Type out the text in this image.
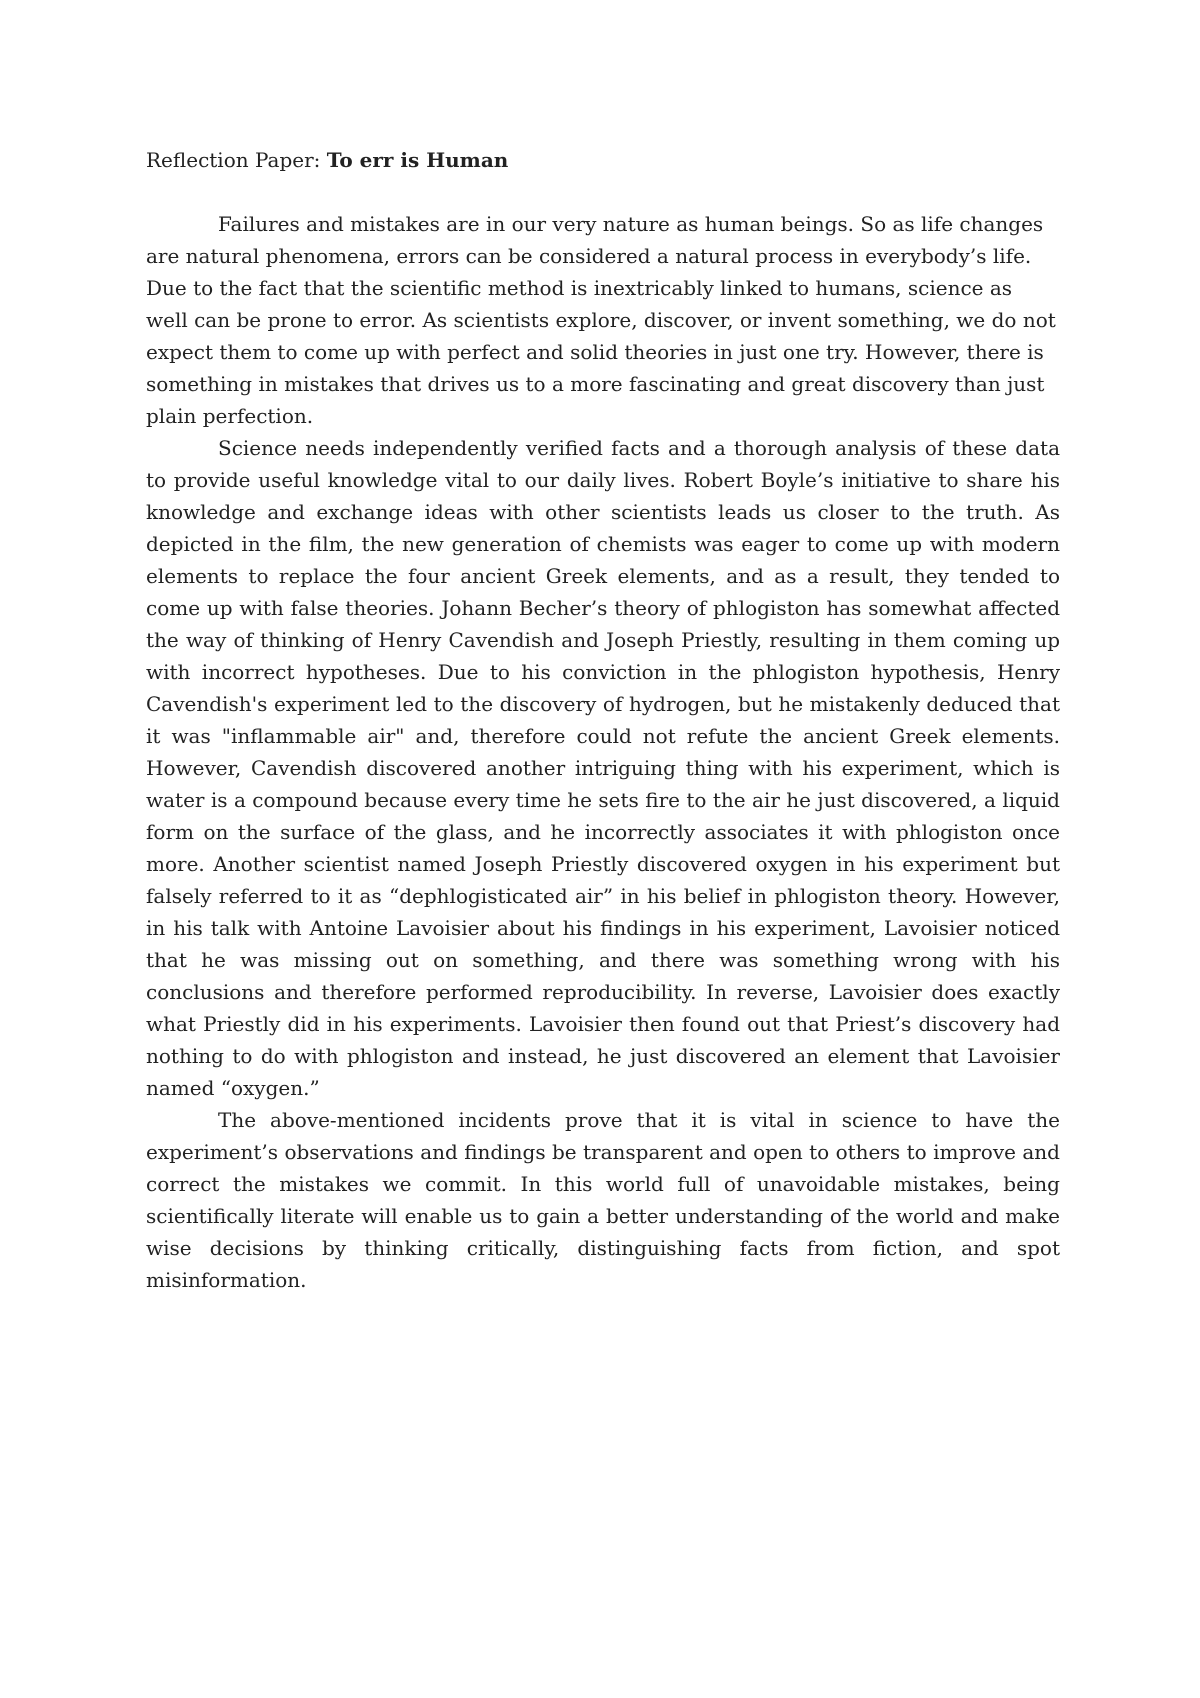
Reflection Paper: To err is Human

Failures and mistakes are in our very nature as human beings. So as life changes are natural phenomena, errors can be considered a natural process in everybody’s life. Due to the fact that the scientific method is inextricably linked to humans, science as well can be prone to error. As scientists explore, discover, or invent something, we do not expect them to come up with perfect and solid theories in just one try. However, there is something in mistakes that drives us to a more fascinating and great discovery than just plain perfection.

Science needs independently verified facts and a thorough analysis of these data to provide useful knowledge vital to our daily lives. Robert Boyle’s initiative to share his knowledge and exchange ideas with other scientists leads us closer to the truth. As depicted in the film, the new generation of chemists was eager to come up with modern elements to replace the four ancient Greek elements, and as a result, they tended to come up with false theories. Johann Becher’s theory of phlogiston has somewhat affected the way of thinking of Henry Cavendish and Joseph Priestly, resulting in them coming up with incorrect hypotheses. Due to his conviction in the phlogiston hypothesis, Henry Cavendish's experiment led to the discovery of hydrogen, but he mistakenly deduced that it was "inflammable air" and, therefore could not refute the ancient Greek elements. However, Cavendish discovered another intriguing thing with his experiment, which is water is a compound because every time he sets fire to the air he just discovered, a liquid form on the surface of the glass, and he incorrectly associates it with phlogiston once more. Another scientist named Joseph Priestly discovered oxygen in his experiment but falsely referred to it as “dephlogisticated air” in his belief in phlogiston theory. However, in his talk with Antoine Lavoisier about his findings in his experiment, Lavoisier noticed that he was missing out on something, and there was something wrong with his conclusions and therefore performed reproducibility. In reverse, Lavoisier does exactly what Priestly did in his experiments. Lavoisier then found out that Priest’s discovery had nothing to do with phlogiston and instead, he just discovered an element that Lavoisier named “oxygen.”

The above-mentioned incidents prove that it is vital in science to have the experiment’s observations and findings be transparent and open to others to improve and correct the mistakes we commit. In this world full of unavoidable mistakes, being scientifically literate will enable us to gain a better understanding of the world and make wise decisions by thinking critically, distinguishing facts from fiction, and spot misinformation.
